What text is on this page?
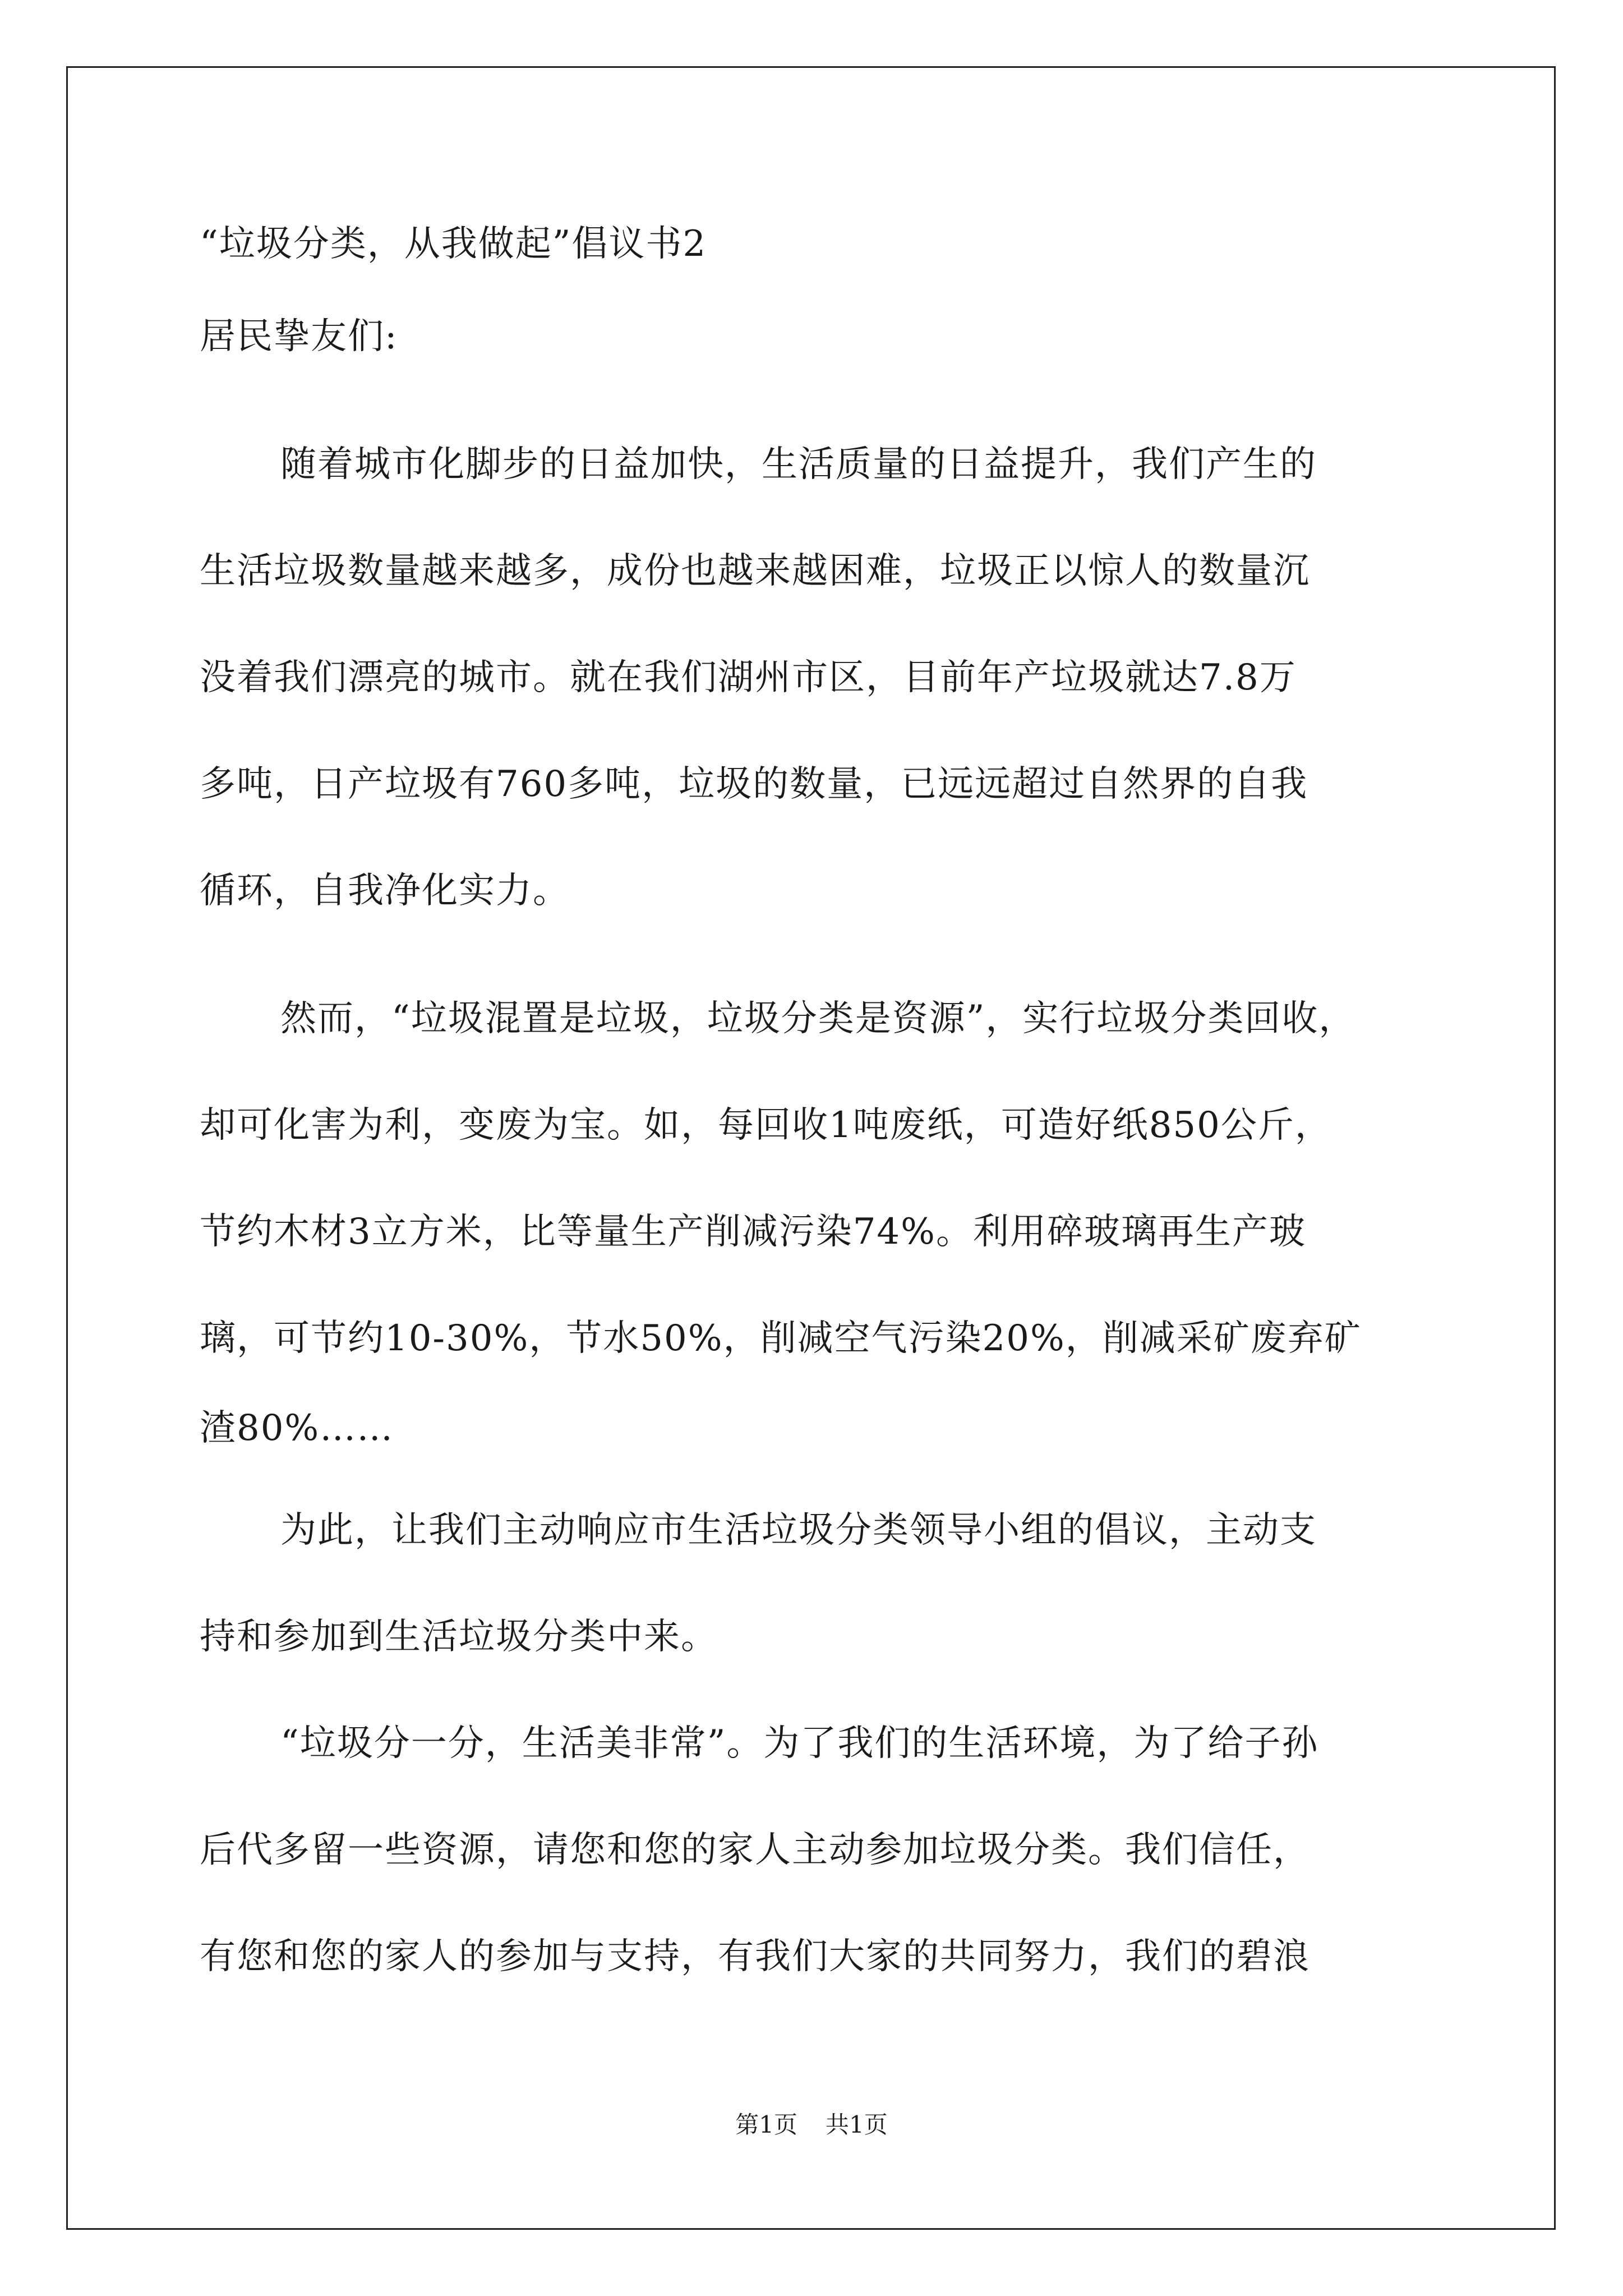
“垃圾分类，从我做起”倡议书2

居民挚友们:

随着城市化脚步的日益加快，生活质量的日益提升，我们产生的

生活垃圾数量越来越多，成份也越来越困难，垃圾正以惊人的数量沉

没着我们漂亮的城市。就在我们湖州市区，目前年产垃圾就达7.8万

多吨，日产垃圾有760多吨，垃圾的数量，已远远超过自然界的自我

循环，自我净化实力。

然而，“垃圾混置是垃圾，垃圾分类是资源”，实行垃圾分类回收，

却可化害为利，变废为宝。如，每回收1吨废纸，可造好纸850公斤，

节约木材3立方米，比等量生产削减污染74%。利用碎玻璃再生产玻

璃，可节约10-30%，节水50%，削减空气污染20%，削减采矿废弃矿

渣80%……

为此，让我们主动响应市生活垃圾分类领导小组的倡议，主动支

持和参加到生活垃圾分类中来。

“垃圾分一分，生活美非常”。为了我们的生活环境，为了给子孙

后代多留一些资源，请您和您的家人主动参加垃圾分类。我们信任，

有您和您的家人的参加与支持，有我们大家的共同努力，我们的碧浪

第1页 共1页
